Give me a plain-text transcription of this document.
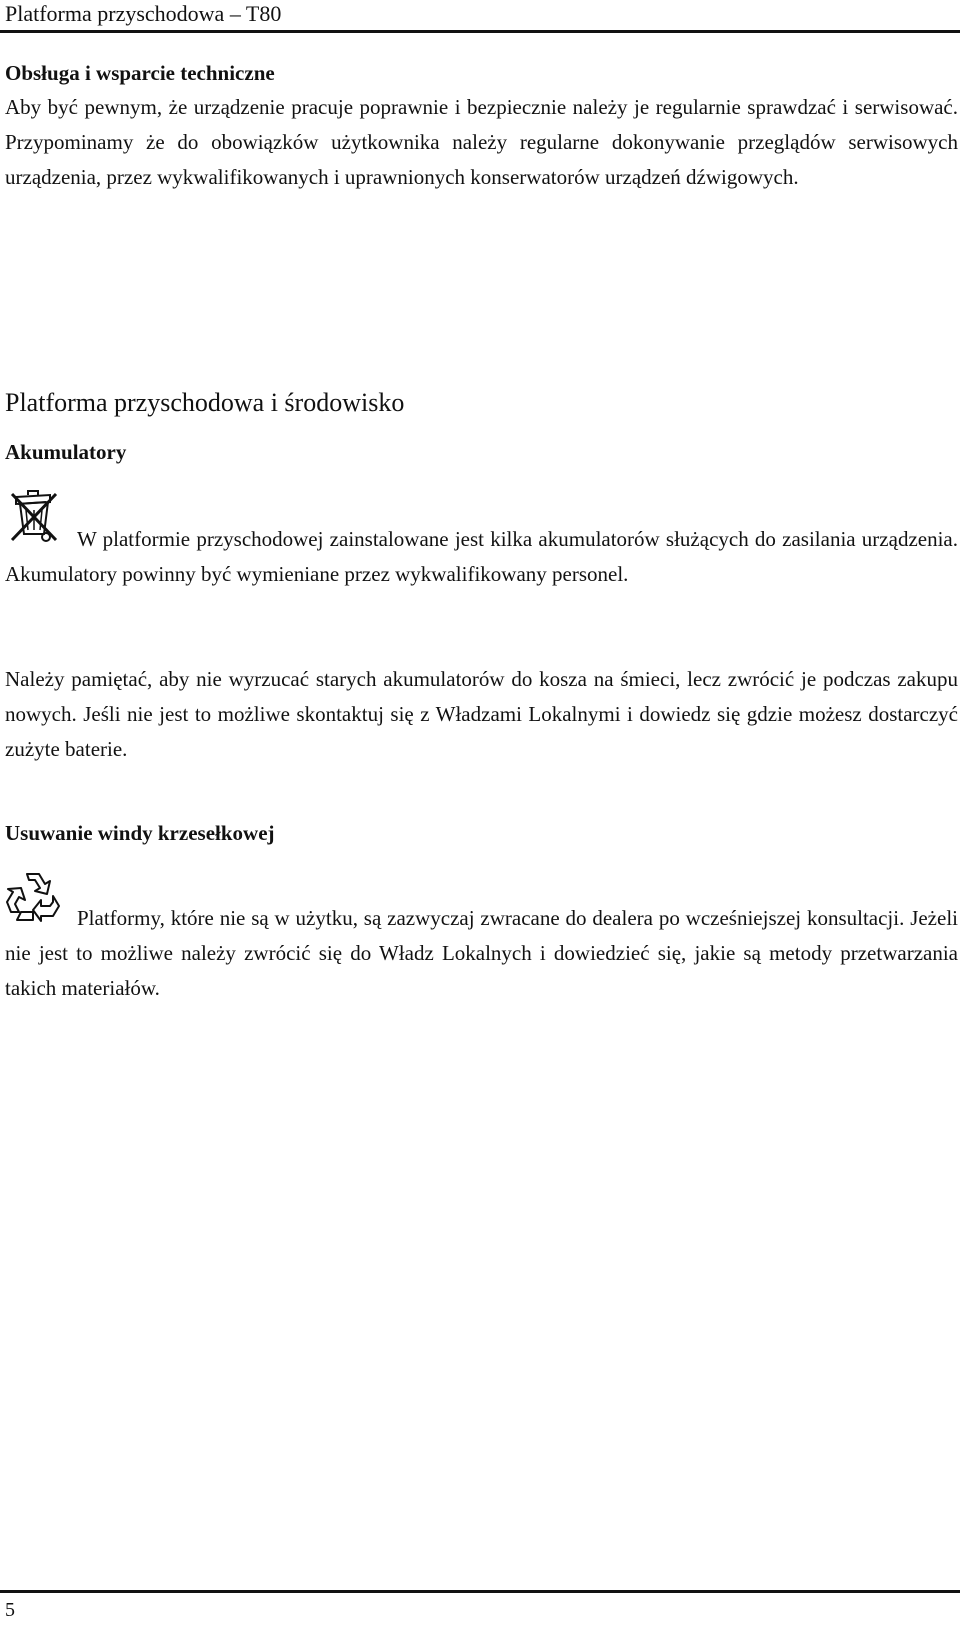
Platforma przyschodowa – T80
Obsługa i wsparcie techniczne
Aby być pewnym, że urządzenie pracuje poprawnie i bezpiecznie należy je regularnie sprawdzać i serwisować. Przypominamy że do obowiązków użytkownika należy regularne dokonywanie przeglądów serwisowych urządzenia, przez wykwalifikowanych i uprawnionych konserwatorów urządzeń dźwigowych.
Platforma przyschodowa i środowisko
Akumulatory
W platformie przyschodowej zainstalowane jest kilka akumulatorów służących do zasilania urządzenia. Akumulatory powinny być wymieniane przez wykwalifikowany personel.
Należy pamiętać, aby nie wyrzucać starych akumulatorów do kosza na śmieci, lecz zwrócić je podczas zakupu nowych. Jeśli nie jest to możliwe skontaktuj się z Władzami Lokalnymi i dowiedz się gdzie możesz dostarczyć zużyte baterie.
Usuwanie windy krzesełkowej
Platformy, które nie są w użytku, są zazwyczaj zwracane do dealera po wcześniejszej konsultacji. Jeżeli nie jest to możliwe należy zwrócić się do Władz Lokalnych i dowiedzieć się, jakie są metody przetwarzania takich materiałów.
5
